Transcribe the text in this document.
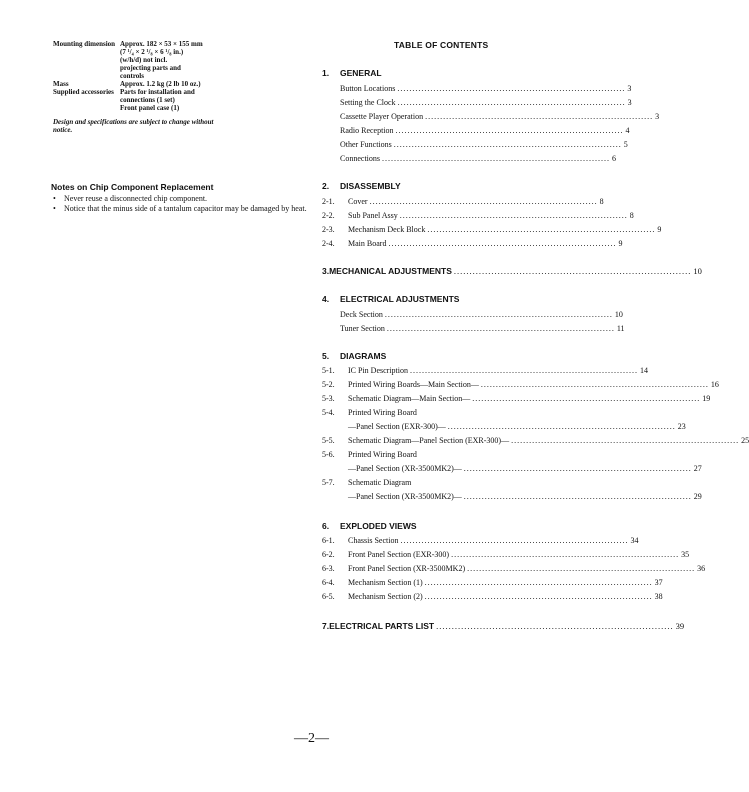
Mounting dimension Approx. 182 × 53 × 155 mm
(7 ¹/₄ × 2 ¹/₈ × 6 ¹/₈ in.)
(w/h/d) not incl.
projecting parts and
controls
Mass	Approx. 1.2 kg (2 lb 10 oz.)
Supplied accessories Parts for installation and
connections (1 set)
Front panel case (1)
Design and specifications are subject to change without notice.
Notes on Chip Component Replacement
•	Never reuse a disconnected chip component.
•	Notice that the minus side of a tantalum capacitor may be damaged by heat.
TABLE OF CONTENTS
1. GENERAL
Button Locations ............................................................................ 3
Setting the Clock ............................................................................ 3
Cassette Player Operation ............................................................................ 3
Radio Reception ............................................................................ 4
Other Functions ............................................................................ 5
Connections ............................................................................ 6
2. DISASSEMBLY
2-1.	Cover ............................................................................ 8
2-2.	Sub Panel Assy ............................................................................ 8
2-3.	Mechanism Deck Block ............................................................................ 9
2-4.	Main Board ............................................................................ 9
3. MECHANICAL ADJUSTMENTS ............................................................................ 10
4. ELECTRICAL ADJUSTMENTS
Deck Section ............................................................................ 10
Tuner Section ............................................................................ 11
5. DIAGRAMS
5-1.	IC Pin Description ............................................................................ 14
5-2.	Printed Wiring Boards—Main Section— ............................................................................ 16
5-3.	Schematic Diagram—Main Section— ............................................................................ 19
5-4.	Printed Wiring Board
—Panel Section (EXR-300)— ............................................................................ 23
5-5.	Schematic Diagram—Panel Section (EXR-300)— ............................................................................ 25
5-6.	Printed Wiring Board
—Panel Section (XR-3500MK2)— ............................................................................ 27
5-7.	Schematic Diagram
—Panel Section (XR-3500MK2)— ............................................................................ 29
6. EXPLODED VIEWS
6-1.	Chassis Section ............................................................................ 34
6-2.	Front Panel Section (EXR-300) ............................................................................ 35
6-3.	Front Panel Section (XR-3500MK2) ............................................................................ 36
6-4.	Mechanism Section (1) ............................................................................ 37
6-5.	Mechanism Section (2) ............................................................................ 38
7. ELECTRICAL PARTS LIST ............................................................................ 39
—2—
